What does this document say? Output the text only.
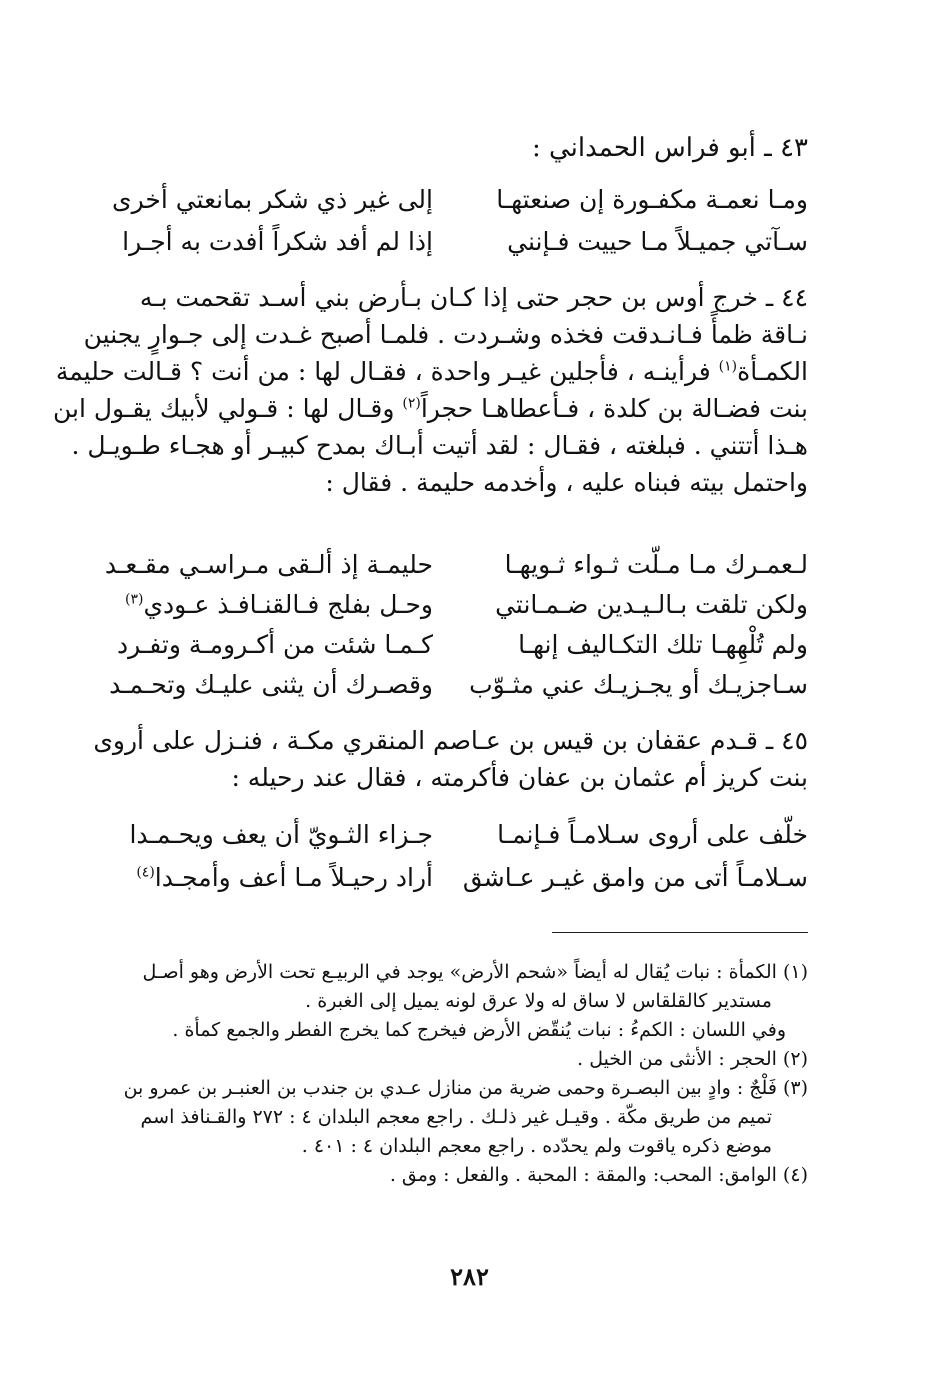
٤٣ ـ أبو فراس الحمداني :
ومـا نعمـة مكفـورة إن صنعتهـا
إلى غير ذي شكر بمانعتي أخرى
سـآتي جميـلاً مـا حييت فـإنني
إذا لم أفد شكراً أفدت به أجـرا
٤٤ ـ خرج أوس بن حجر حتى إذا كـان بـأرض بني أسـد تقحمت بـه
نـاقة ظمأً فـانـدقت فخذه وشـردت . فلمـا أصبح غـدت إلى جـوارٍ يجنين
الكمـأة$^{(١)}$ فرأينـه ، فأجلين غيـر واحدة ، فقـال لها : من أنت ؟ قـالت حليمة
بنت فضـالة بن كلدة ، فـأعطاهـا حجراً$^{(٢)}$ وقـال لها : قـولي لأبيك يقـول ابن
هـذا أتتني . فبلغته ، فقـال : لقد أتيت أبـاك بمدح كبيـر أو هجـاء طـويـل .
واحتمل بيته فبناه عليه ، وأخدمه حليمة . فقال :
لـعمـرك مـا مـلّت ثـواء ثـويهـا
حليمـة إذ ألـقى مـراسـي مقـعـد
ولكن تلقت بـالـيـدين ضـمـانتي
وحـل بفلج فـالقنـافـذ عـودي$^{(٣)}$
ولم تُلْهِهـا تلك التكـاليف إنهـا
كـمـا شئت من أكـرومـة وتفـرد
سـاجزيـك أو يجـزيـك عني مثـوّب
وقصـرك أن يثنى عليـك وتحـمـد
٤٥ ـ قـدم عقفان بن قيس بن عـاصم المنقري مكـة ، فنـزل على أروى
بنت كريز أم عثمان بن عفان فأكرمته ، فقال عند رحيله :
خلّف على أروى سـلامـاً فـإنمـا
جـزاء الثـويّ أن يعف ويحـمـدا
سـلامـاً أتى من وامق غيـر عـاشق
أراد رحيـلاً مـا أعف وأمجـدا$^{(٤)}$
(١) الكمأة : نبات يُقال له أيضاً «شحم الأرض» يوجد في الربيـع تحت الأرض وهو أصـل
مستدير كالقلقاس لا ساق له ولا عرق لونه يميل إلى الغبرة .
وفي اللسان : الكمءُ : نبات يُنقّض الأرض فيخرج كما يخرج الفطر والجمع كمأة .
(٢) الحجر : الأنثى من الخيل .
(٣) فَلْجٌ : وادٍ بين البصـرة وحمى ضرية من منازل عـدي بن جندب بن العنبـر بن عمرو بن
تميم من طريق مكّة . وقيـل غير ذلـك . راجع معجم البلدان ٤ : ٢٧٢ والقـنافذ اسم
موضع ذكره ياقوت ولم يحدّده . راجع معجم البلدان ٤ : ٤٠١ .
(٤) الوامق: المحب: والمقة : المحبة . والفعل : ومق .
٢٨٢
